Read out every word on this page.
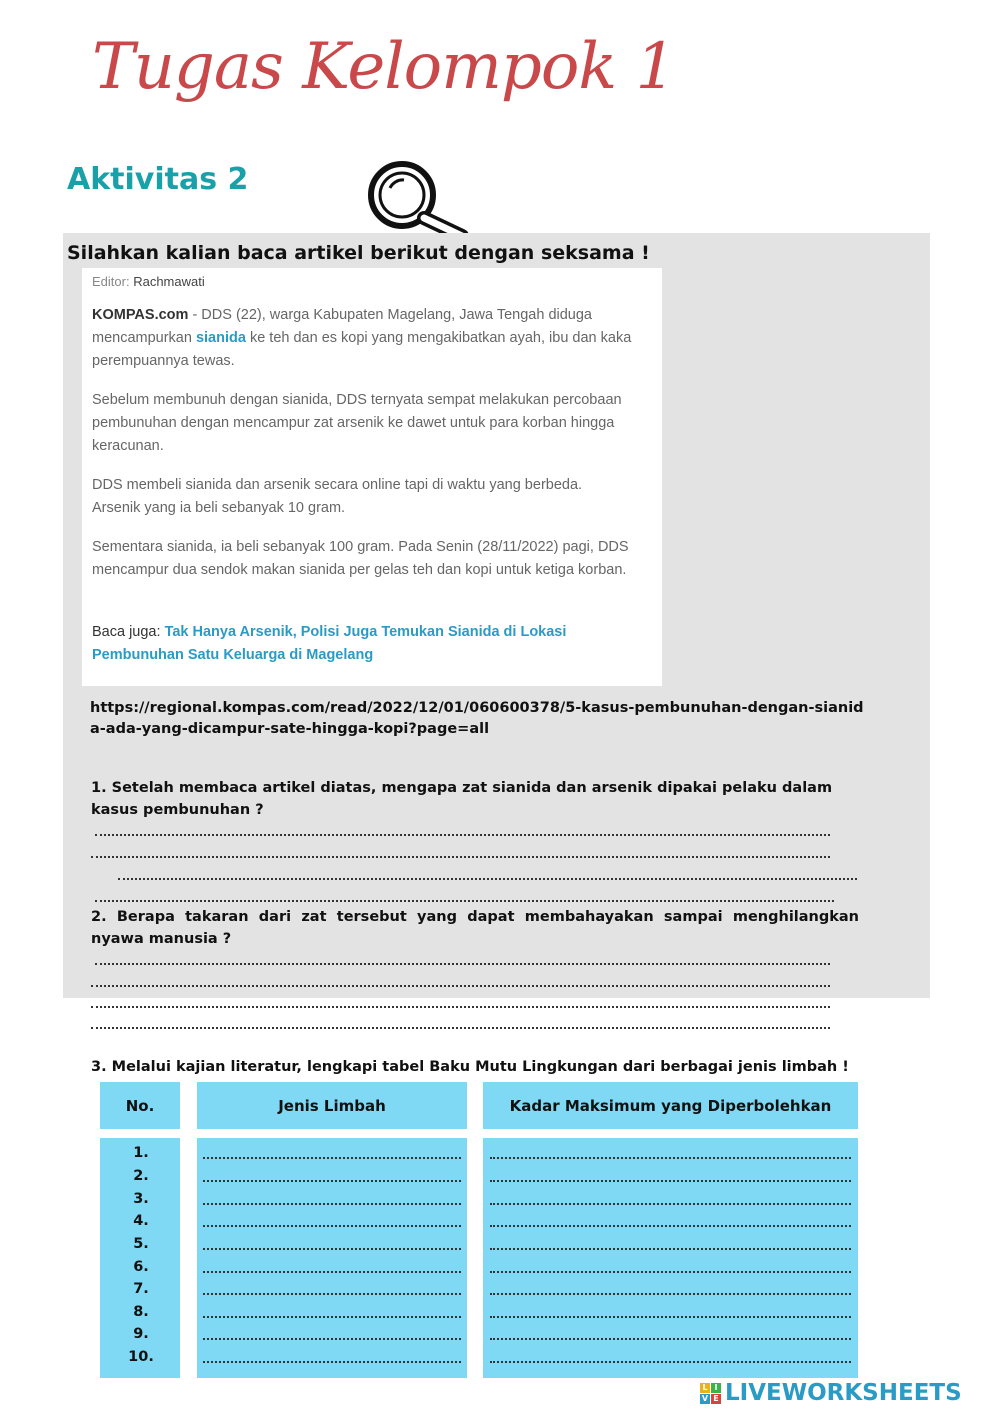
Tugas Kelompok 1
Aktivitas 2
Silahkan kalian baca artikel berikut dengan seksama !
Editor: Rachmawati

KOMPAS.com - DDS (22), warga Kabupaten Magelang, Jawa Tengah diduga mencampurkan sianida ke teh dan es kopi yang mengakibatkan ayah, ibu dan kaka perempuannya tewas.

Sebelum membunuh dengan sianida, DDS ternyata sempat melakukan percobaan pembunuhan dengan mencampur zat arsenik ke dawet untuk para korban hingga keracunan.

DDS membeli sianida dan arsenik secara online tapi di waktu yang berbeda. Arsenik yang ia beli sebanyak 10 gram.

Sementara sianida, ia beli sebanyak 100 gram. Pada Senin (28/11/2022) pagi, DDS mencampur dua sendok makan sianida per gelas teh dan kopi untuk ketiga korban.

Baca juga: Tak Hanya Arsenik, Polisi Juga Temukan Sianida di Lokasi Pembunuhan Satu Keluarga di Magelang

https://regional.kompas.com/read/2022/12/01/060600378/5-kasus-pembunuhan-dengan-sianida-ada-yang-dicampur-sate-hingga-kopi?page=all
1. Setelah membaca artikel diatas, mengapa zat sianida dan arsenik dipakai pelaku dalam kasus pembunuhan ?
2. Berapa takaran dari zat tersebut yang dapat membahayakan sampai menghilangkan nyawa manusia ?
3. Melalui kajian literatur, lengkapi tabel Baku Mutu Lingkungan dari berbagai jenis limbah !
No.	Jenis Limbah	Kadar Maksimum yang Diperbolehkan
1.
2.
3.
4.
5.
6.
7.
8.
9.
10.
L I
V E LIVEWORKSHEETS
